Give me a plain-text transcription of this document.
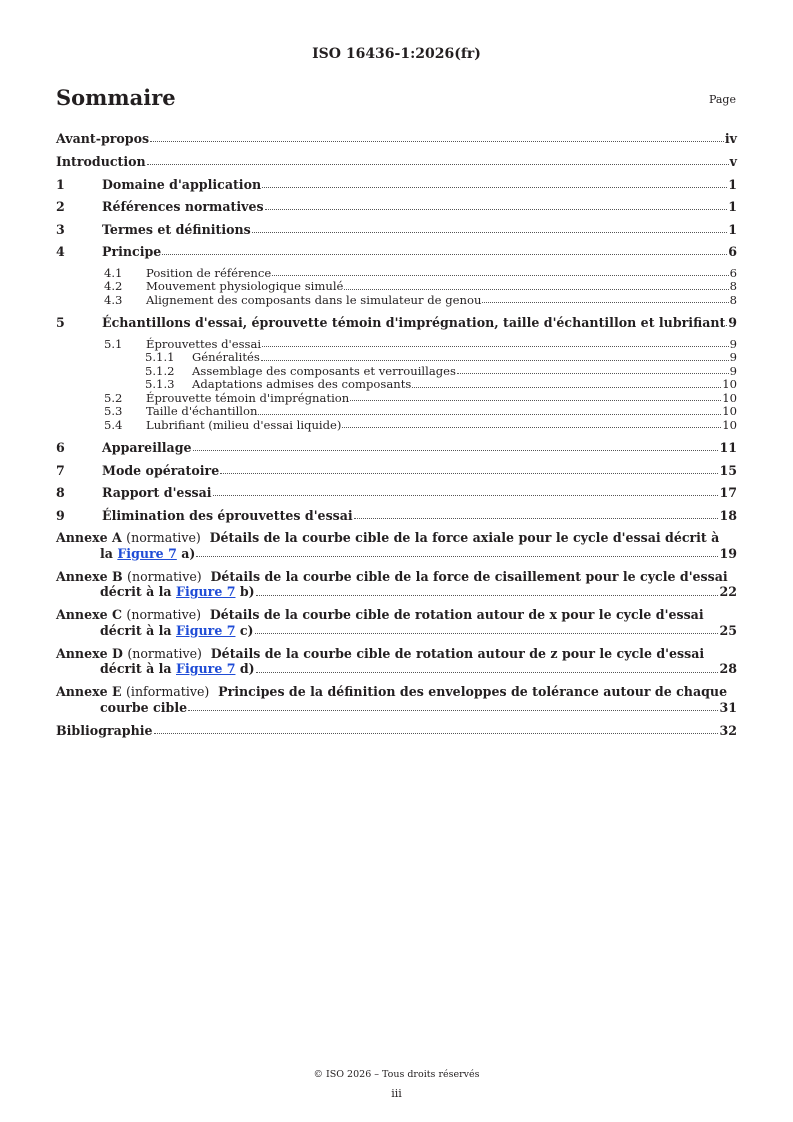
ISO 16436-1:2026(fr)
Sommaire	Page
Avant-propos	iv
Introduction	v
1	Domaine d'application	1
2	Références normatives	1
3	Termes et définitions	1
4	Principe	6
4.1 Position de référence	6
4.2 Mouvement physiologique simulé	8
4.3 Alignement des composants dans le simulateur de genou	8
5	Échantillons d'essai, éprouvette témoin d'imprégnation, taille d'échantillon et lubrifiant 9
5.1 Éprouvettes d'essai	9
5.1.1 Généralités	9
5.1.2 Assemblage des composants et verrouillages	9
5.1.3 Adaptations admises des composants	10
5.2 Éprouvette témoin d'imprégnation	10
5.3 Taille d'échantillon	10
5.4 Lubrifiant (milieu d'essai liquide)	10
6	Appareillage	11
7	Mode opératoire	15
8	Rapport d'essai	17
9	Élimination des éprouvettes d'essai	18
Annexe A (normative) Détails de la courbe cible de la force axiale pour le cycle d'essai décrit à
la
Figure 7
a)	19
Annexe B (normative) Détails de la courbe cible de la force de cisaillement pour le cycle d'essai
décrit à la
Figure 7
b)	22
Annexe C (normative) Détails de la courbe cible de rotation autour de x pour le cycle d'essai
décrit à la
Figure 7
c)	25
Annexe D (normative) Détails de la courbe cible de rotation autour de z pour le cycle d'essai
décrit à la
Figure 7
d)	28
Annexe E (informative) Principes de la définition des enveloppes de tolérance autour de chaque
courbe cible	31
Bibliographie	32
© ISO 2026 – Tous droits réservés
iii
